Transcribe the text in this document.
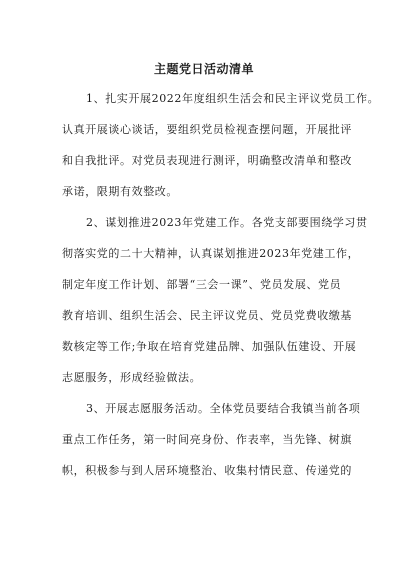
主题党日活动清单
1、扎实开展2022年度组织生活会和民主评议党员工作。
认真开展谈心谈话，要组织党员检视查摆问题，开展批评
和自我批评。对党员表现进行测评，明确整改清单和整改
承诺，限期有效整改。
2、谋划推进2023年党建工作。各党支部要围绕学习贯
彻落实党的二十大精神，认真谋划推进2023年党建工作，
制定年度工作计划、部署“三会一课”、党员发展、党员
教育培训、组织生活会、民主评议党员、党员党费收缴基
数核定等工作;争取在培育党建品牌、加强队伍建设、开展
志愿服务，形成经验做法。
3、开展志愿服务活动。全体党员要结合我镇当前各项
重点工作任务，第一时间亮身份、作表率，当先锋、树旗
帜，积极参与到人居环境整治、收集村情民意、传递党的
